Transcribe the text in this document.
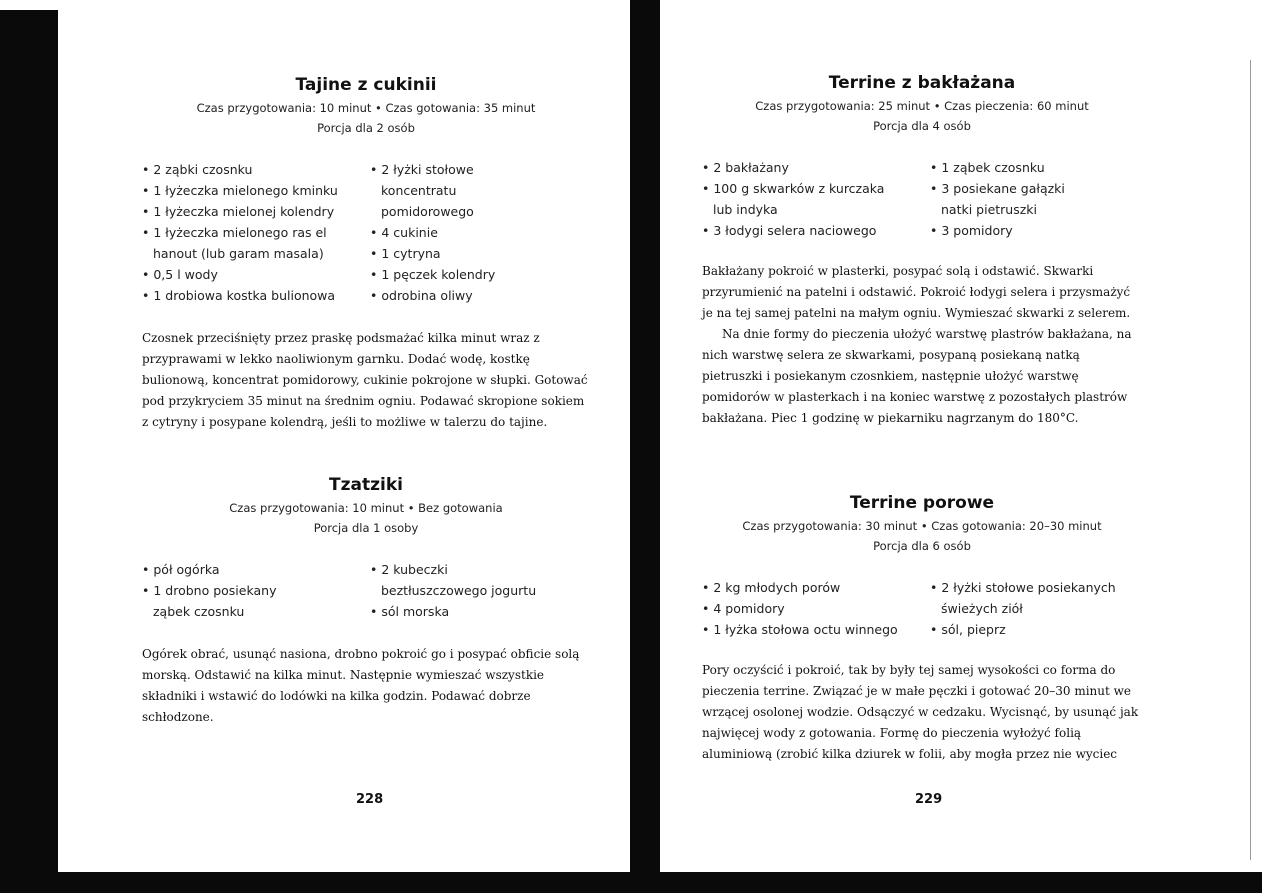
Tajine z cukinii

Czas przygotowania: 10 minut • Czas gotowania: 35 minut

Porcja dla 2 osób

• 2 ząbki czosnku
• 1 łyżeczka mielonego kminku
• 1 łyżeczka mielonej kolendry
• 1 łyżeczka mielonego ras el hanout (lub garam masala)
• 0,5 l wody
• 1 drobiowa kostka bulionowa
• 2 łyżki stołowe koncentratu pomidorowego
• 4 cukinie
• 1 cytryna
• 1 pęczek kolendry
• odrobina oliwy

Czosnek przeciśnięty przez praskę podsmażać kilka minut wraz z przyprawami w lekko naoliwionym garnku. Dodać wodę, kostkę bulionową, koncentrat pomidorowy, cukinie pokrojone w słupki. Gotować pod przykryciem 35 minut na średnim ogniu. Podawać skropione sokiem z cytryny i posypane kolendrą, jeśli to możliwe w talerzu do tajine.

Tzatziki

Czas przygotowania: 10 minut • Bez gotowania

Porcja dla 1 osoby

• pół ogórka
• 1 drobno posiekany ząbek czosnku
• 2 kubeczki beztłuszczowego jogurtu
• sól morska

Ogórek obrać, usunąć nasiona, drobno pokroić go i posypać obficie solą morską. Odstawić na kilka minut. Następnie wymieszać wszystkie składniki i wstawić do lodówki na kilka godzin. Podawać dobrze schłodzone.

228
Terrine z bakłażana

Czas przygotowania: 25 minut • Czas pieczenia: 60 minut

Porcja dla 4 osób

• 2 bakłażany
• 100 g skwarków z kurczaka lub indyka
• 3 łodygi selera naciowego
• 1 ząbek czosnku
• 3 posiekane gałązki natki pietruszki
• 3 pomidory

Bakłażany pokroić w plasterki, posypać solą i odstawić. Skwarki przyrumienić na patelni i odstawić. Pokroić łodygi selera i przysmażyć je na tej samej patelni na małym ogniu. Wymieszać skwarki z selerem.

Na dnie formy do pieczenia ułożyć warstwę plastrów bakłażana, na nich warstwę selera ze skwarkami, posypaną posiekaną natką pietruszki i posiekanym czosnkiem, następnie ułożyć warstwę pomidorów w plasterkach i na koniec warstwę z pozostałych plastrów bakłażana. Piec 1 godzinę w piekarniku nagrzanym do 180°C.

Terrine porowe

Czas przygotowania: 30 minut • Czas gotowania: 20–30 minut

Porcja dla 6 osób

• 2 kg młodych porów
• 4 pomidory
• 1 łyżka stołowa octu winnego
• 2 łyżki stołowe posiekanych świeżych ziół
• sól, pieprz

Pory oczyścić i pokroić, tak by były tej samej wysokości co forma do pieczenia terrine. Związać je w małe pęczki i gotować 20–30 minut we wrzącej osolonej wodzie. Odsączyć w cedzaku. Wycisnąć, by usunąć jak najwięcej wody z gotowania. Formę do pieczenia wyłożyć folią aluminiową (zrobić kilka dziurek w folii, aby mogła przez nie wyciec

229
